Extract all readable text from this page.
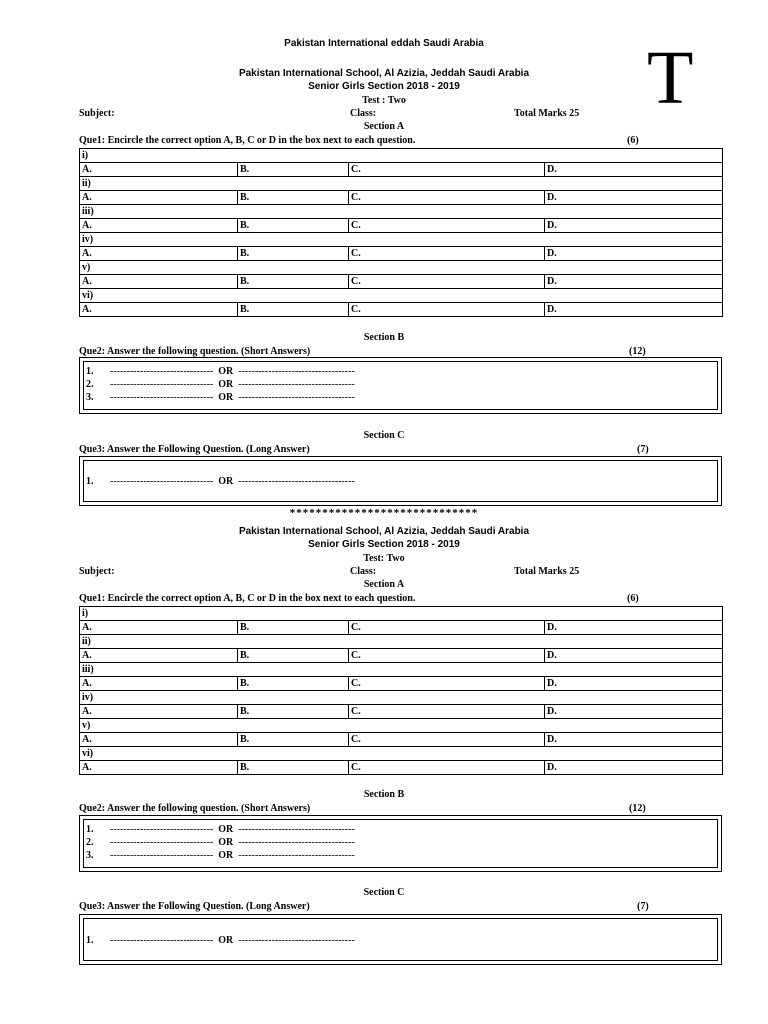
Pakistan International eddah Saudi Arabia	T
Pakistan International School, Al Azizia, Jeddah Saudi Arabia
Senior Girls Section 2018 - 2019
Test : Two
Subject:	Class:	Total Marks 25
Section A
Que1: Encircle the correct option A, B, C or D in the box next to each question.	(6)
i)			
A.	B.	C.	D.
ii)			
A.	B.	C.	D.
iii)			
A.	B.	C.	D.
iv)			
A.	B.	C.	D.
v)			
A.	B.	C.	D.
vi)			
A.	B.	C.	D.
Section B
Que2: Answer the following question. (Short Answers)	(12)
1. ------------------------------- OR -----------------------------------
2. ------------------------------- OR -----------------------------------
3. ------------------------------- OR -----------------------------------
Section C
Que3: Answer the Following Question. (Long Answer)	(7)
1. ------------------------------- OR -----------------------------------
*****************************
Pakistan International School, Al Azizia, Jeddah Saudi Arabia
Senior Girls Section 2018 - 2019
Test: Two
Subject:	Class:	Total Marks 25
Section A
Que1: Encircle the correct option A, B, C or D in the box next to each question.	(6)
i)			
A.	B.	C.	D.
ii)			
A.	B.	C.	D.
iii)			
A.	B.	C.	D.
iv)			
A.	B.	C.	D.
v)			
A.	B.	C.	D.
vi)			
A.	B.	C.	D.
Section B
Que2: Answer the following question. (Short Answers)	(12)
1. ------------------------------- OR -----------------------------------
2. ------------------------------- OR -----------------------------------
3. ------------------------------- OR -----------------------------------
Section C
Que3: Answer the Following Question. (Long Answer)	(7)
1. ------------------------------- OR -----------------------------------
